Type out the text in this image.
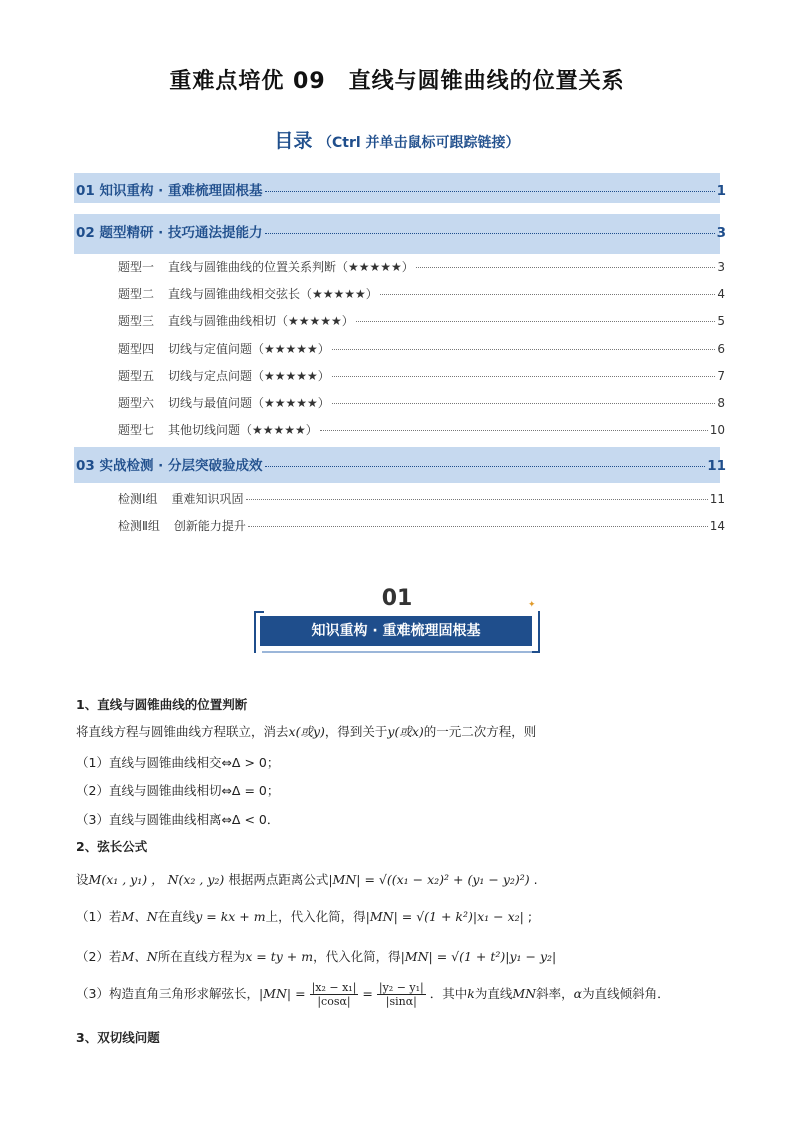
重难点培优 09　直线与圆锥曲线的位置关系
目录 （Ctrl 并单击鼠标可跟踪链接）
01 知识重构 · 重难梳理固根基	1
02 题型精研 · 技巧通法提能力	3
题型一 直线与圆锥曲线的位置关系判断（★★★★★）	3
题型二 直线与圆锥曲线相交弦长（★★★★★）	4
题型三 直线与圆锥曲线相切（★★★★★）	5
题型四 切线与定值问题（★★★★★）	6
题型五 切线与定点问题（★★★★★）	7
题型六 切线与最值问题（★★★★★）	8
题型七 其他切线问题（★★★★★）	10
03 实战检测 · 分层突破验成效	11
检测Ⅰ组 重难知识巩固	11
检测Ⅱ组 创新能力提升	14
01
知识重构 · 重难梳理固根基
✦
1、直线与圆锥曲线的位置判断
将直线方程与圆锥曲线方程联立，消去x(或y)，得到关于y(或x)的一元二次方程，则
（1）直线与圆锥曲线相交⇔Δ > 0；
（2）直线与圆锥曲线相切⇔Δ = 0；
（3）直线与圆锥曲线相离⇔Δ < 0．
2、弦长公式
设M(x₁ , y₁) ， N(x₂ , y₂) 根据两点距离公式|MN| = √((x₁ − x₂)² + (y₁ − y₂)²) .
（1）若M、N在直线y = kx + m上，代入化简，得|MN| = √(1 + k²)|x₁ − x₂| ;
（2）若M、N所在直线方程为x = ty + m，代入化简，得|MN| = √(1 + t²)|y₁ − y₂|
（3）构造直角三角形求解弦长，$|MN| = \frac{\text{|x₂ − x₁|}}{|\cos\alpha|} = \frac{\text{|y₂ − y₁|}}{|\sin\alpha|}$ ．其中k为直线MN斜率，α为直线倾斜角．
3、双切线问题
